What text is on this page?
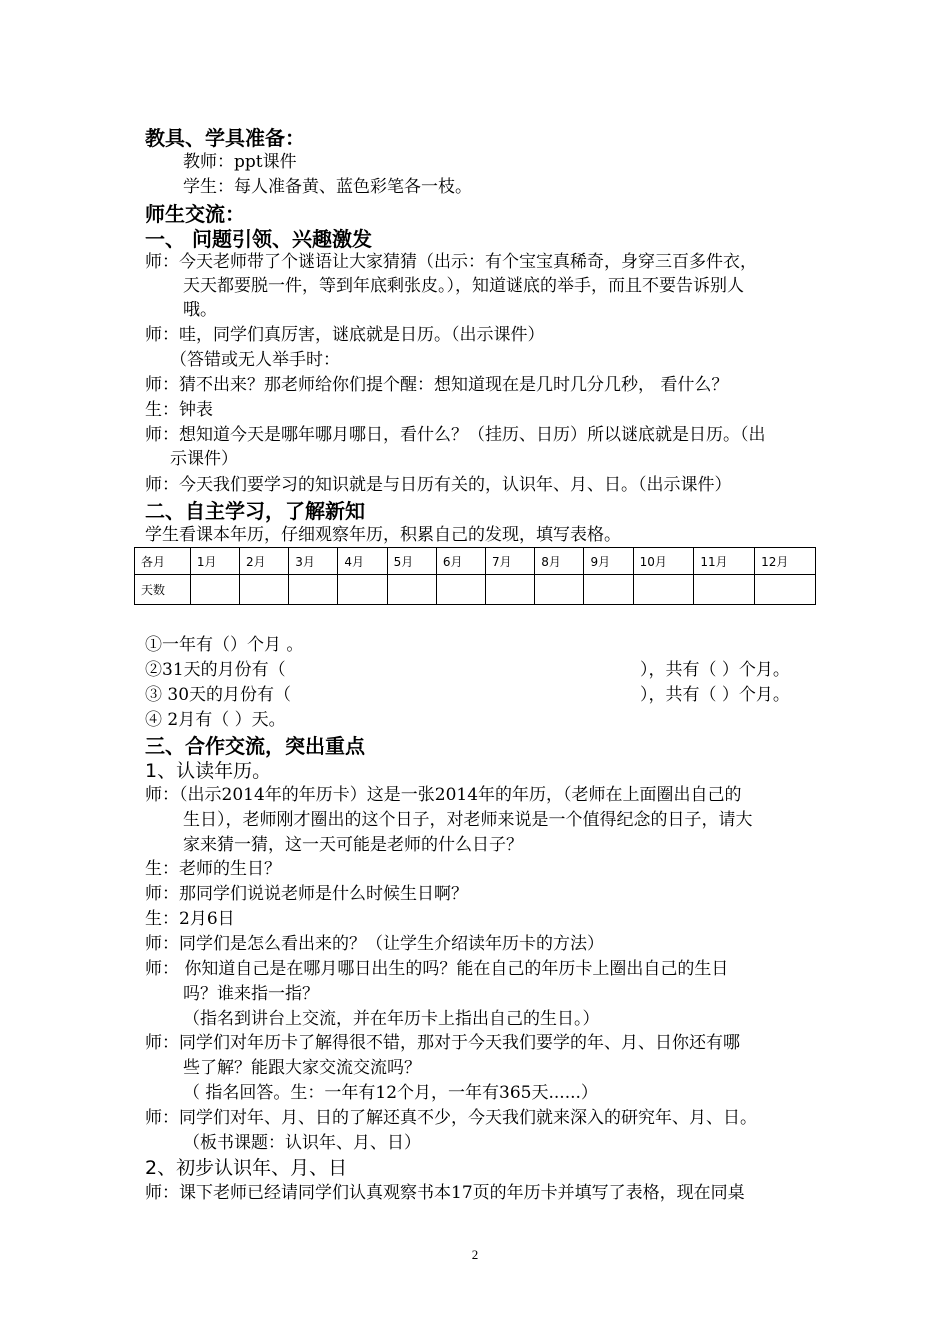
教具、学具准备：
教师：ppt课件
学生：每人准备黄、蓝色彩笔各一枝。
师生交流：
一、 问题引领、兴趣激发
师：今天老师带了个谜语让大家猜猜（出示：有个宝宝真稀奇，身穿三百多件衣，
天天都要脱一件，等到年底剩张皮。），知道谜底的举手，而且不要告诉别人
哦。
师：哇，同学们真厉害，谜底就是日历。（出示课件）
（答错或无人举手时：
师：猜不出来？那老师给你们提个醒：想知道现在是几时几分几秒， 看什么？
生：钟表
师：想知道今天是哪年哪月哪日，看什么？（挂历、日历）所以谜底就是日历。（出
示课件）
师：今天我们要学习的知识就是与日历有关的，认识年、月、日。（出示课件）
二、自主学习，了解新知
学生看课本年历，仔细观察年历，积累自己的发现，填写表格。
各月	1月	2月	3月	4月	5月	6月	7月	8月	9月	10月	11月	12月
天数												
①一年有（）个月 。
②31天的月份有（	），共有（ ）个月。
③ 30天的月份有（	），共有（ ）个月。
④ 2月有（ ）天。
三、合作交流，突出重点
1、认读年历。
师：（出示2014年的年历卡）这是一张2014年的年历，（老师在上面圈出自己的
生日），老师刚才圈出的这个日子，对老师来说是一个值得纪念的日子，请大
家来猜一猜，这一天可能是老师的什么日子？
生：老师的生日？
师：那同学们说说老师是什么时候生日啊？
生：2月6日
师：同学们是怎么看出来的？（让学生介绍读年历卡的方法）
师： 你知道自己是在哪月哪日出生的吗？能在自己的年历卡上圈出自己的生日
吗？谁来指一指？
（指名到讲台上交流，并在年历卡上指出自己的生日。）
师：同学们对年历卡了解得很不错，那对于今天我们要学的年、月、日你还有哪
些了解？能跟大家交流交流吗？
（ 指名回答。生：一年有12个月，一年有365天......）
师：同学们对年、月、日的了解还真不少，今天我们就来深入的研究年、月、日。
（板书课题：认识年、月、日）
2、初步认识年、月、日
师：课下老师已经请同学们认真观察书本17页的年历卡并填写了表格，现在同桌
2
